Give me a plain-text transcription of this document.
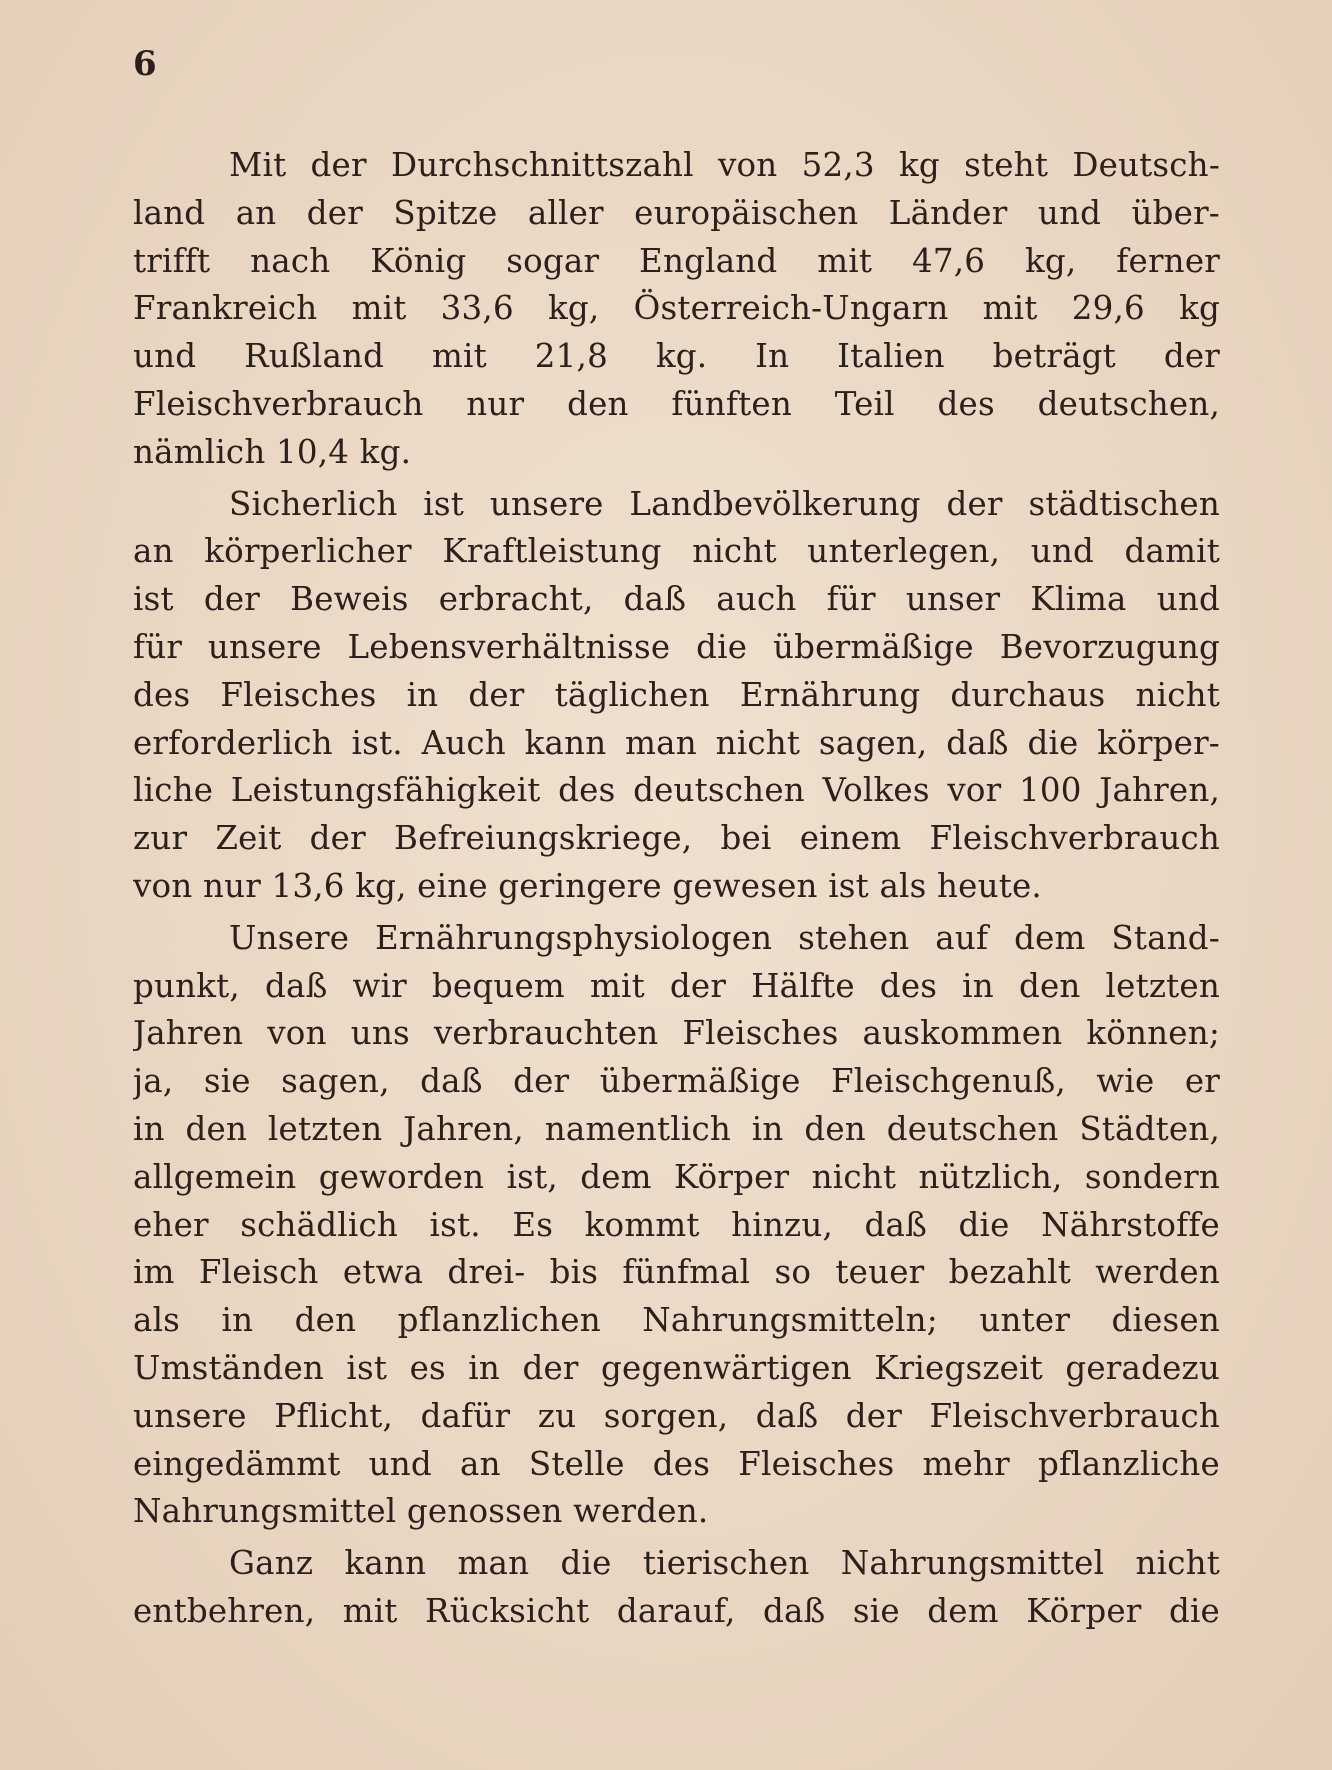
6
Mit der Durchschnittszahl von 52,3 kg steht Deutsch-
land an der Spitze aller europäischen Länder und über-
trifft nach König sogar England mit 47,6 kg, ferner
Frankreich mit 33,6 kg, Österreich-Ungarn mit 29,6 kg
und Rußland mit 21,8 kg. In Italien beträgt der
Fleischverbrauch nur den fünften Teil des deutschen,
nämlich 10,4 kg.
Sicherlich ist unsere Landbevölkerung der städtischen
an körperlicher Kraftleistung nicht unterlegen, und damit
ist der Beweis erbracht, daß auch für unser Klima und
für unsere Lebensverhältnisse die übermäßige Bevorzugung
des Fleisches in der täglichen Ernährung durchaus nicht
erforderlich ist. Auch kann man nicht sagen, daß die körper-
liche Leistungsfähigkeit des deutschen Volkes vor 100 Jahren,
zur Zeit der Befreiungskriege, bei einem Fleischverbrauch
von nur 13,6 kg, eine geringere gewesen ist als heute.
Unsere Ernährungsphysiologen stehen auf dem Stand-
punkt, daß wir bequem mit der Hälfte des in den letzten
Jahren von uns verbrauchten Fleisches auskommen können;
ja, sie sagen, daß der übermäßige Fleischgenuß, wie er
in den letzten Jahren, namentlich in den deutschen Städten,
allgemein geworden ist, dem Körper nicht nützlich, sondern
eher schädlich ist. Es kommt hinzu, daß die Nährstoffe
im Fleisch etwa drei- bis fünfmal so teuer bezahlt werden
als in den pflanzlichen Nahrungsmitteln; unter diesen
Umständen ist es in der gegenwärtigen Kriegszeit geradezu
unsere Pflicht, dafür zu sorgen, daß der Fleischverbrauch
eingedämmt und an Stelle des Fleisches mehr pflanzliche
Nahrungsmittel genossen werden.
Ganz kann man die tierischen Nahrungsmittel nicht
entbehren, mit Rücksicht darauf, daß sie dem Körper die
